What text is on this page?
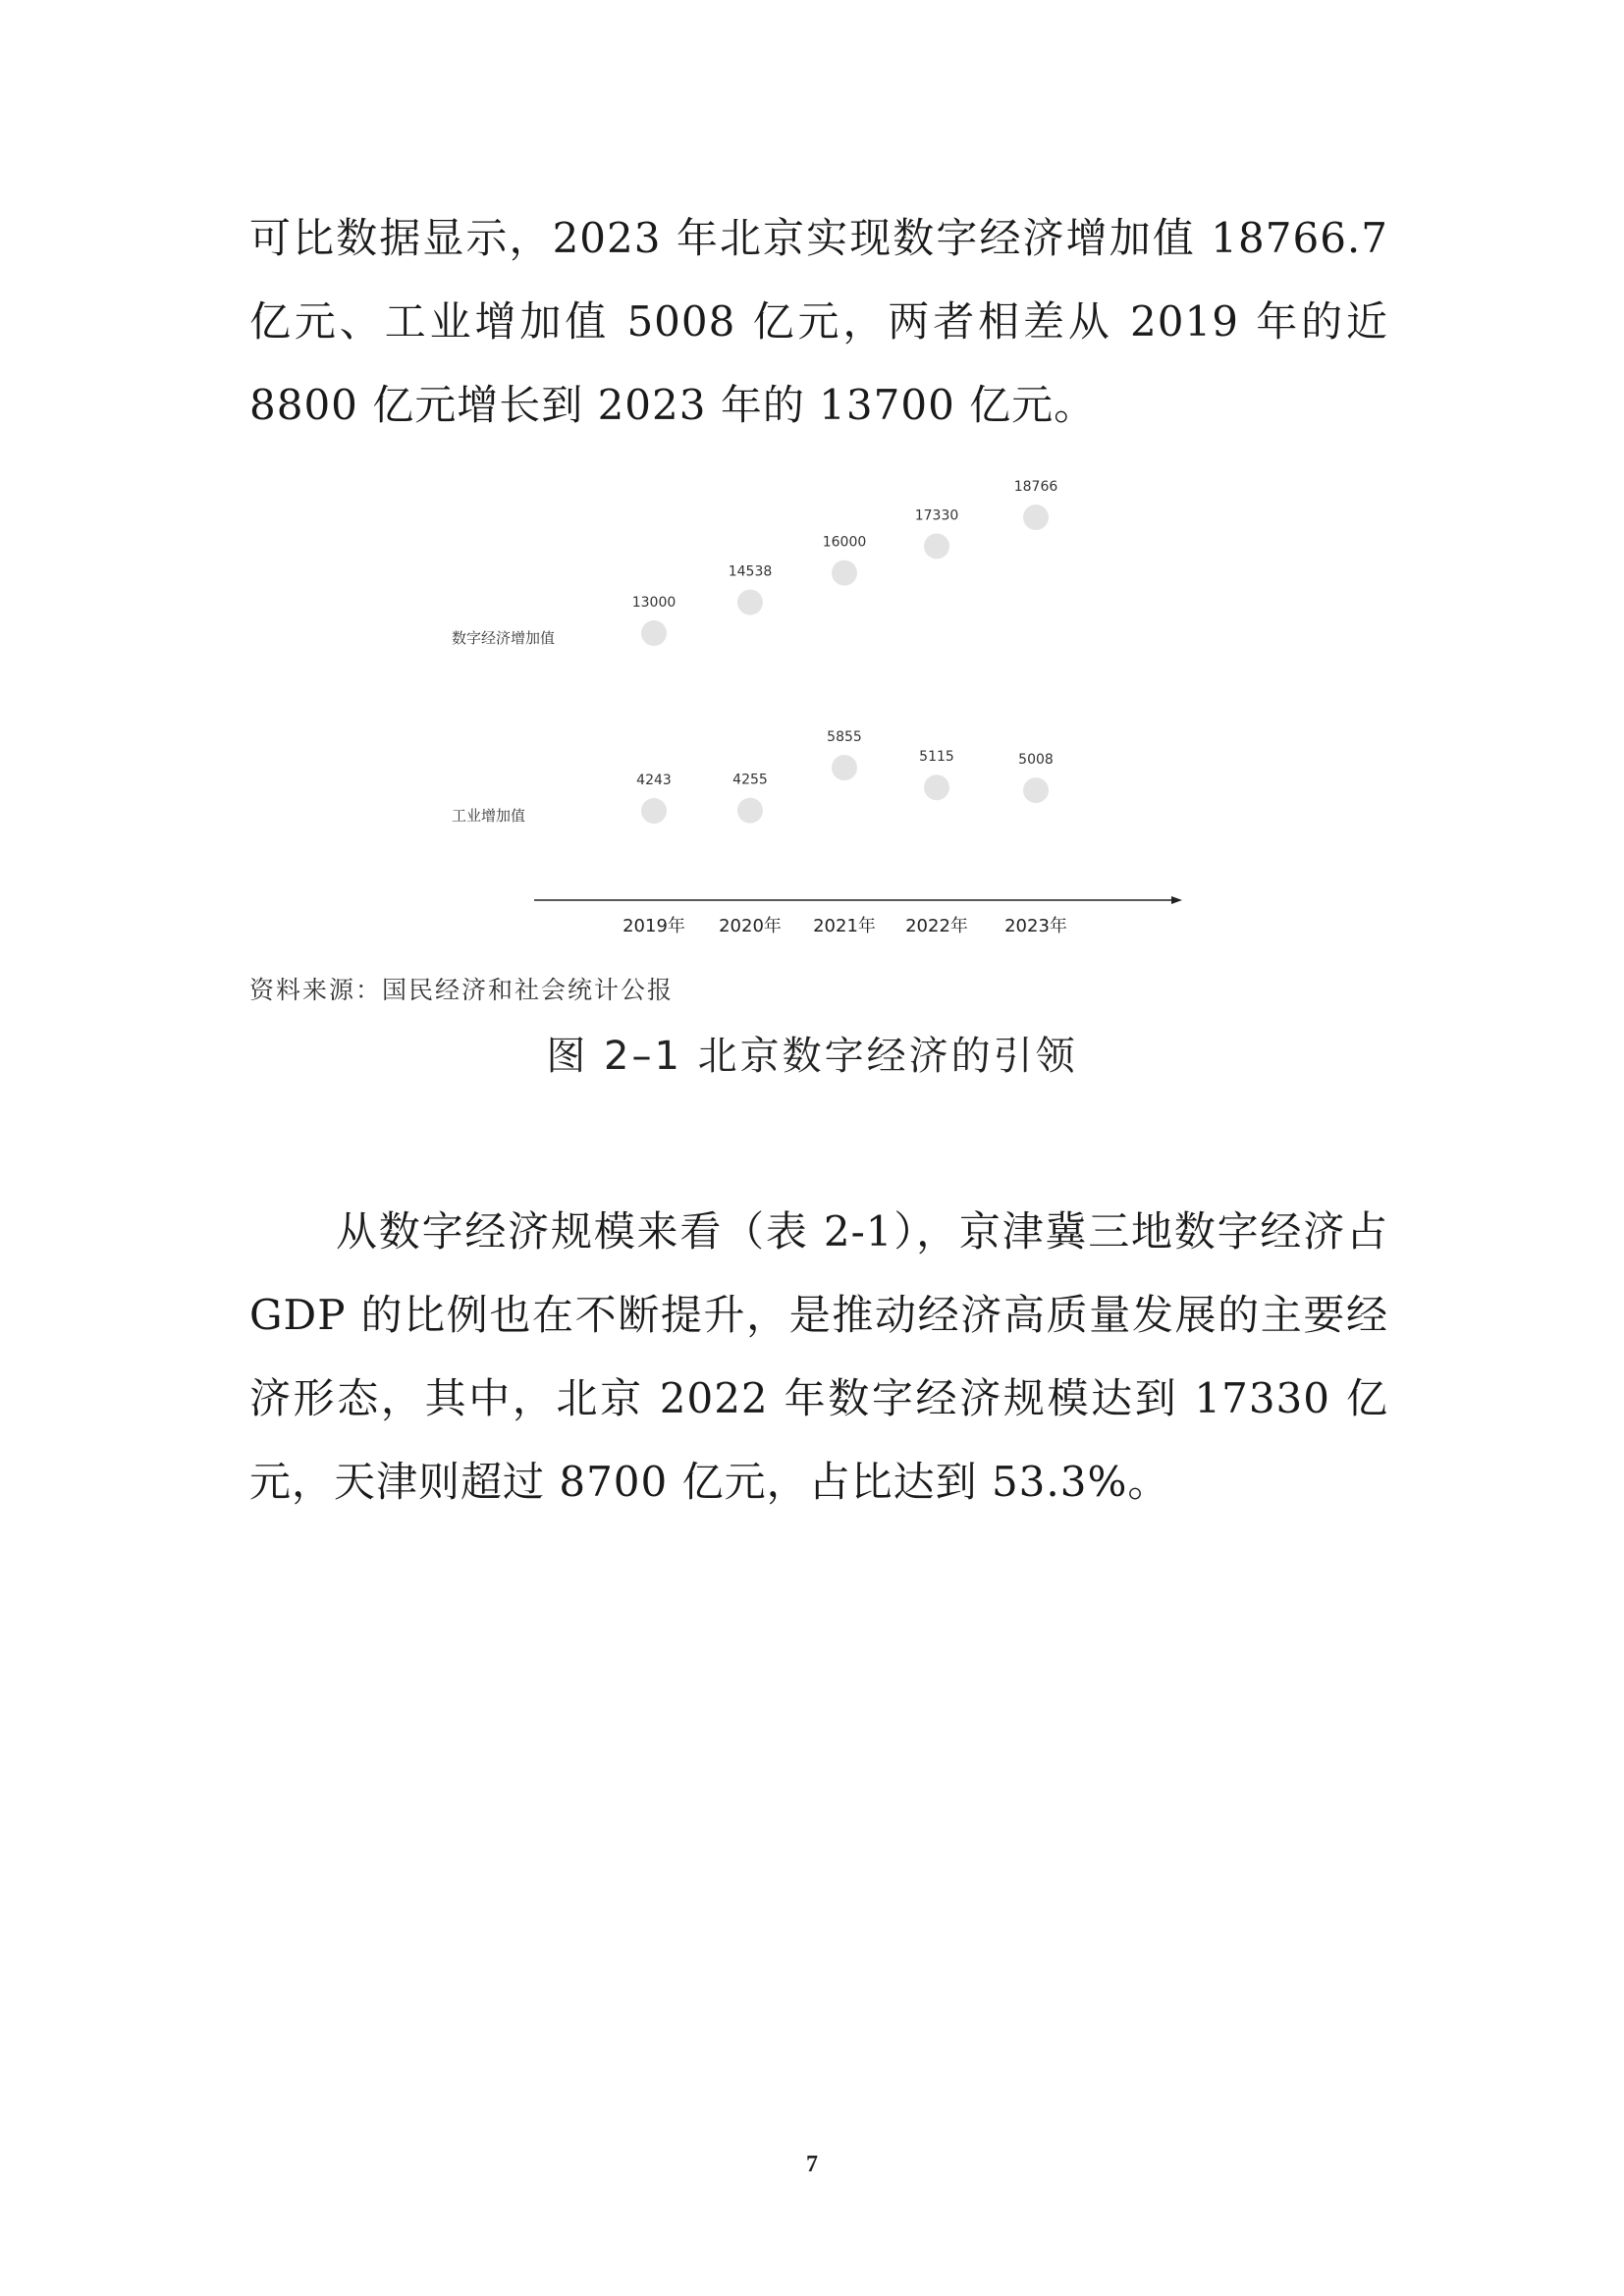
可比数据显示，2023 年北京实现数字经济增加值 18766.7 亿元、工业增加值 5008 亿元，两者相差从 2019 年的近 8800 亿元增长到 2023 年的 13700 亿元。

数字经济增加值
13000
14538
16000
17330
18766
工业增加值
4243	4255
5855
5115	5008
2019年 2020年 2021年 2022年 2023年
资料来源：国民经济和社会统计公报
图 2–1 北京数字经济的引领

从数字经济规模来看（表 2-1），京津冀三地数字经济占 GDP 的比例也在不断提升，是推动经济高质量发展的主要经济形态，其中，北京 2022 年数字经济规模达到 17330 亿元，天津则超过 8700 亿元，占比达到 53.3%。

7
